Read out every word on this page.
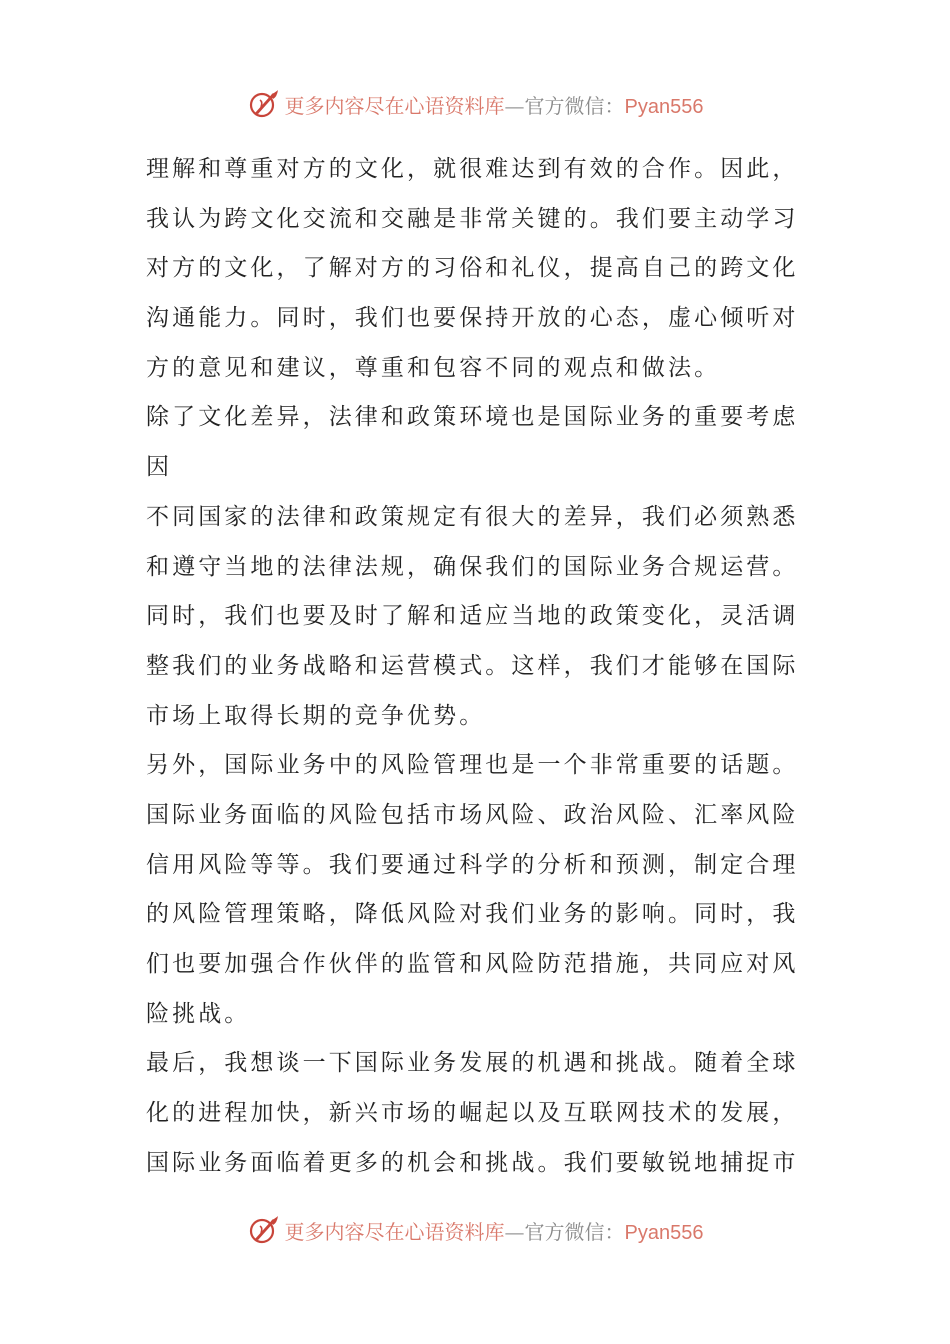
更多内容尽在心语资料库—官方微信：Pyan556
理解和尊重对方的文化，就很难达到有效的合作。因此，
我认为跨文化交流和交融是非常关键的。我们要主动学习
对方的文化，了解对方的习俗和礼仪，提高自己的跨文化
沟通能力。同时，我们也要保持开放的心态，虚心倾听对
方的意见和建议，尊重和包容不同的观点和做法。
除了文化差异，法律和政策环境也是国际业务的重要考虑
因
不同国家的法律和政策规定有很大的差异，我们必须熟悉
和遵守当地的法律法规，确保我们的国际业务合规运营。
同时，我们也要及时了解和适应当地的政策变化，灵活调
整我们的业务战略和运营模式。这样，我们才能够在国际
市场上取得长期的竞争优势。
另外，国际业务中的风险管理也是一个非常重要的话题。
国际业务面临的风险包括市场风险、政治风险、汇率风险
信用风险等等。我们要通过科学的分析和预测，制定合理
的风险管理策略，降低风险对我们业务的影响。同时，我
们也要加强合作伙伴的监管和风险防范措施，共同应对风
险挑战。
最后，我想谈一下国际业务发展的机遇和挑战。随着全球
化的进程加快，新兴市场的崛起以及互联网技术的发展，
国际业务面临着更多的机会和挑战。我们要敏锐地捕捉市
更多内容尽在心语资料库—官方微信：Pyan556
